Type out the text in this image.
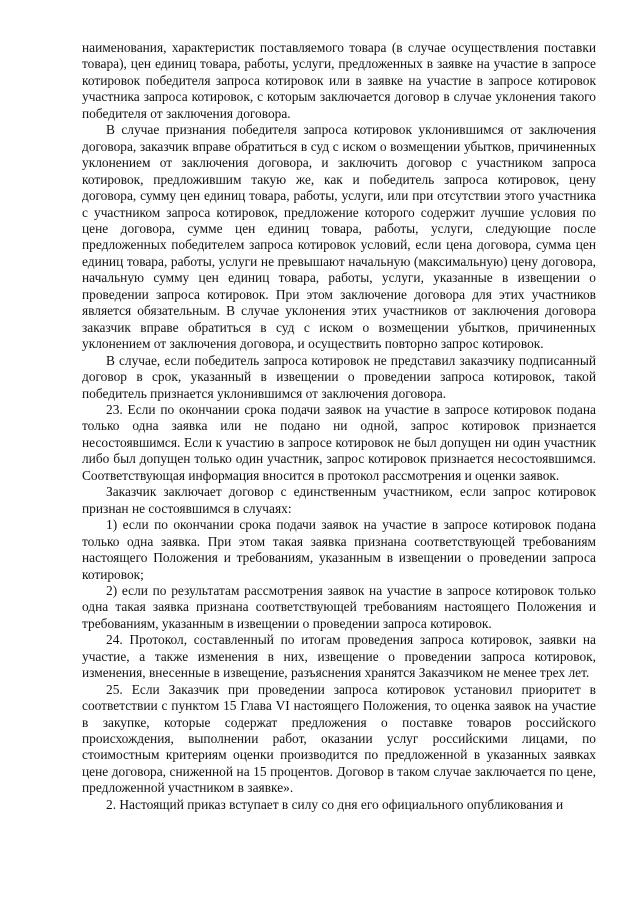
наименования, характеристик поставляемого товара (в случае осуществления поставки товара), цен единиц товара, работы, услуги, предложенных в заявке на участие в запросе котировок победителя запроса котировок или в заявке на участие в запросе котировок участника запроса котировок, с которым заключается договор в случае уклонения такого победителя от заключения договора.

В случае признания победителя запроса котировок уклонившимся от заключения договора, заказчик вправе обратиться в суд с иском о возмещении убытков, причиненных уклонением от заключения договора, и заключить договор с участником запроса котировок, предложившим такую же, как и победитель запроса котировок, цену договора, сумму цен единиц товара, работы, услуги, или при отсутствии этого участника с участником запроса котировок, предложение которого содержит лучшие условия по цене договора, сумме цен единиц товара, работы, услуги, следующие после предложенных победителем запроса котировок условий, если цена договора, сумма цен единиц товара, работы, услуги не превышают начальную (максимальную) цену договора, начальную сумму цен единиц товара, работы, услуги, указанные в извещении о проведении запроса котировок. При этом заключение договора для этих участников является обязательным. В случае уклонения этих участников от заключения договора заказчик вправе обратиться в суд с иском о возмещении убытков, причиненных уклонением от заключения договора, и осуществить повторно запрос котировок.

В случае, если победитель запроса котировок не представил заказчику подписанный договор в срок, указанный в извещении о проведении запроса котировок, такой победитель признается уклонившимся от заключения договора.

23. Если по окончании срока подачи заявок на участие в запросе котировок подана только одна заявка или не подано ни одной, запрос котировок признается несостоявшимся. Если к участию в запросе котировок не был допущен ни один участник либо был допущен только один участник, запрос котировок признается несостоявшимся. Соответствующая информация вносится в протокол рассмотрения и оценки заявок.

Заказчик заключает договор с единственным участником, если запрос котировок признан не состоявшимся в случаях:

1) если по окончании срока подачи заявок на участие в запросе котировок подана только одна заявка. При этом такая заявка признана соответствующей требованиям настоящего Положения и требованиям, указанным в извещении о проведении запроса котировок;

2) если по результатам рассмотрения заявок на участие в запросе котировок только одна такая заявка признана соответствующей требованиям настоящего Положения и требованиям, указанным в извещении о проведении запроса котировок.

24. Протокол, составленный по итогам проведения запроса котировок, заявки на участие, а также изменения в них, извещение о проведении запроса котировок, изменения, внесенные в извещение, разъяснения хранятся Заказчиком не менее трех лет.

25. Если Заказчик при проведении запроса котировок установил приоритет в соответствии с пунктом 15 Глава VI настоящего Положения, то оценка заявок на участие в закупке, которые содержат предложения о поставке товаров российского происхождения, выполнении работ, оказании услуг российскими лицами, по стоимостным критериям оценки производится по предложенной в указанных заявках цене договора, сниженной на 15 процентов. Договор в таком случае заключается по цене, предложенной участником в заявке».

2. Настоящий приказ вступает в силу со дня его официального опубликования и
